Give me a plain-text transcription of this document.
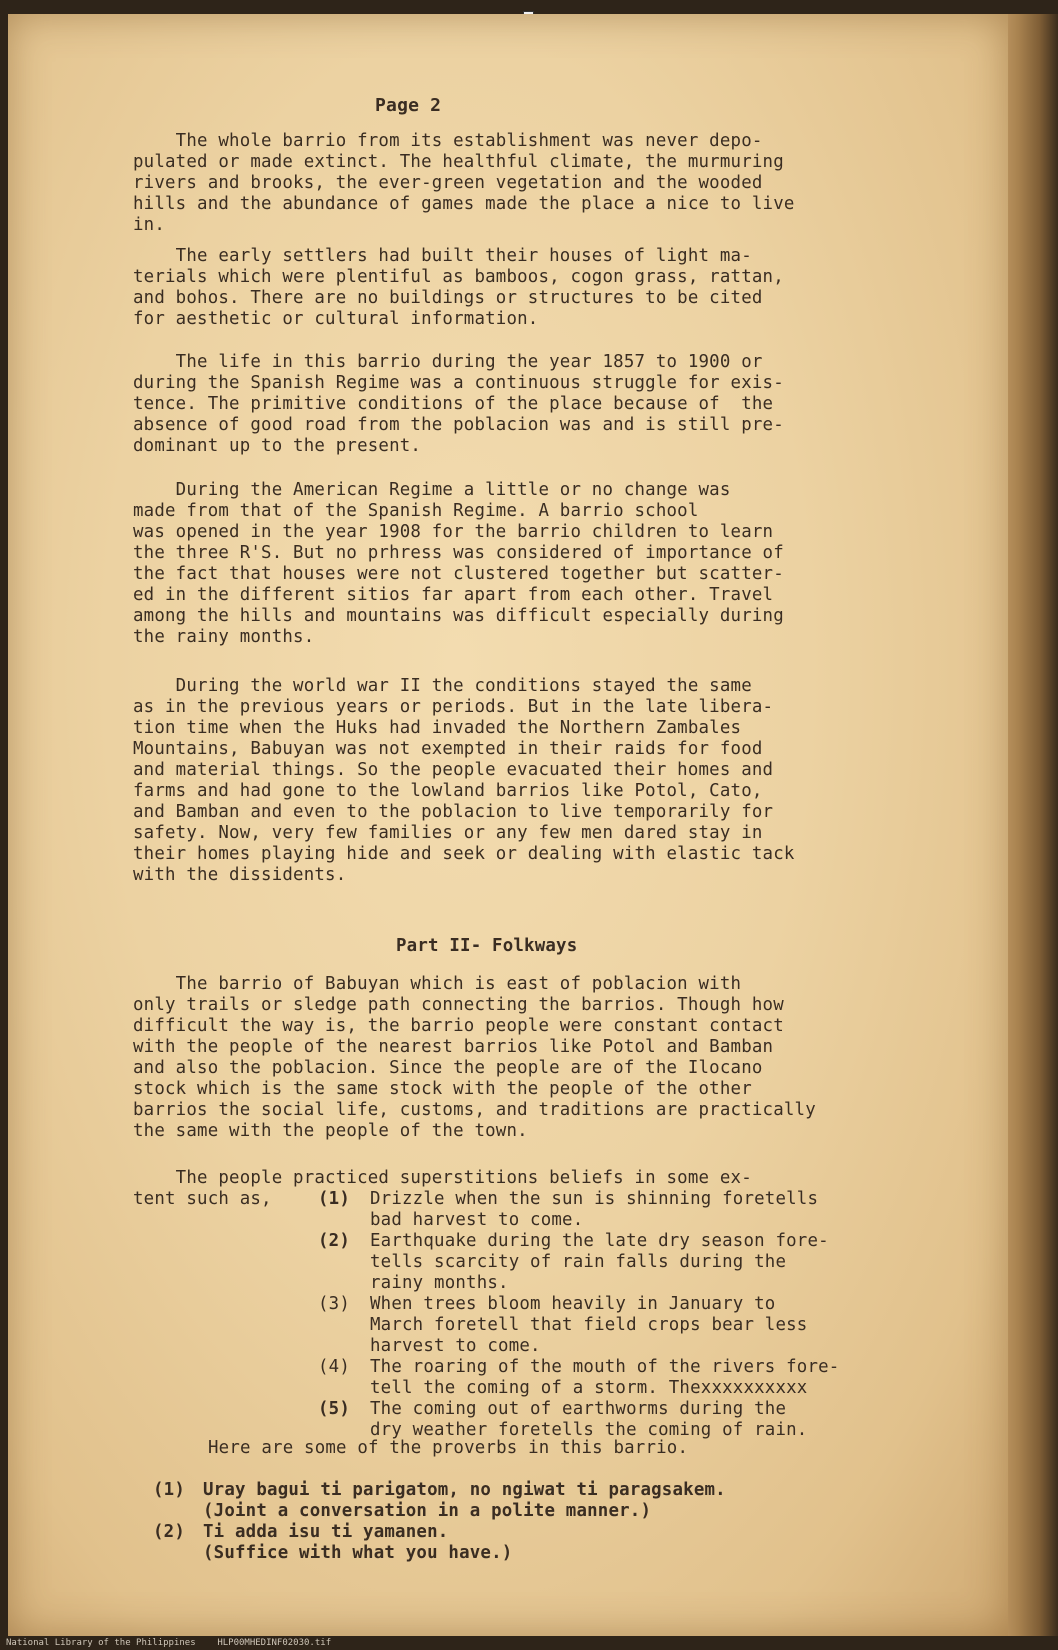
Page 2
The whole barrio from its establishment was never depo-
pulated or made extinct. The healthful climate, the murmuring
rivers and brooks, the ever-green vegetation and the wooded
hills and the abundance of games made the place a nice to live
in.
The early settlers had built their houses of light ma-
terials which were plentiful as bamboos, cogon grass, rattan,
and bohos. There are no buildings or structures to be cited
for aesthetic or cultural information.
The life in this barrio during the year 1857 to 1900 or
during the Spanish Regime was a continuous struggle for exis-
tence. The primitive conditions of the place because of  the
absence of good road from the poblacion was and is still pre-
dominant up to the present.
During the American Regime a little or no change was
made from that of the Spanish Regime. A barrio school
was opened in the year 1908 for the barrio children to learn
the three R'S. But no prhress was considered of importance of
the fact that houses were not clustered together but scatter-
ed in the different sitios far apart from each other. Travel
among the hills and mountains was difficult especially during
the rainy months.
During the world war II the conditions stayed the same
as in the previous years or periods. But in the late libera-
tion time when the Huks had invaded the Northern Zambales
Mountains, Babuyan was not exempted in their raids for food
and material things. So the people evacuated their homes and
farms and had gone to the lowland barrios like Potol, Cato,
and Bamban and even to the poblacion to live temporarily for
safety. Now, very few families or any few men dared stay in
their homes playing hide and seek or dealing with elastic tack
with the dissidents.
Part II- Folkways
The barrio of Babuyan which is east of poblacion with
only trails or sledge path connecting the barrios. Though how
difficult the way is, the barrio people were constant contact
with the people of the nearest barrios like Potol and Bamban
and also the poblacion. Since the people are of the Ilocano
stock which is the same stock with the people of the other
barrios the social life, customs, and traditions are practically
the same with the people of the town.
The people practiced superstitions beliefs in some ex-
tent such as,	(1)	Drizzle when the sun is shinning foretells
bad harvest to come.
(2)	Earthquake during the late dry season fore-
tells scarcity of rain falls during the
rainy months.
(3)	When trees bloom heavily in January to
March foretell that field crops bear less
harvest to come.
(4)	The roaring of the mouth of the rivers fore-
tell the coming of a storm. Thexxxxxxxxxx
(5)	The coming out of earthworms during the
dry weather foretells the coming of rain.
Here are some of the proverbs in this barrio.
(1)	Uray bagui ti parigatom, no ngiwat ti paragsakem.
(Joint a conversation in a polite manner.)
(2)	Ti adda isu ti yamanen.
(Suffice with what you have.)
National Library of the Philippines    HLP00MHEDINF02030.tif
